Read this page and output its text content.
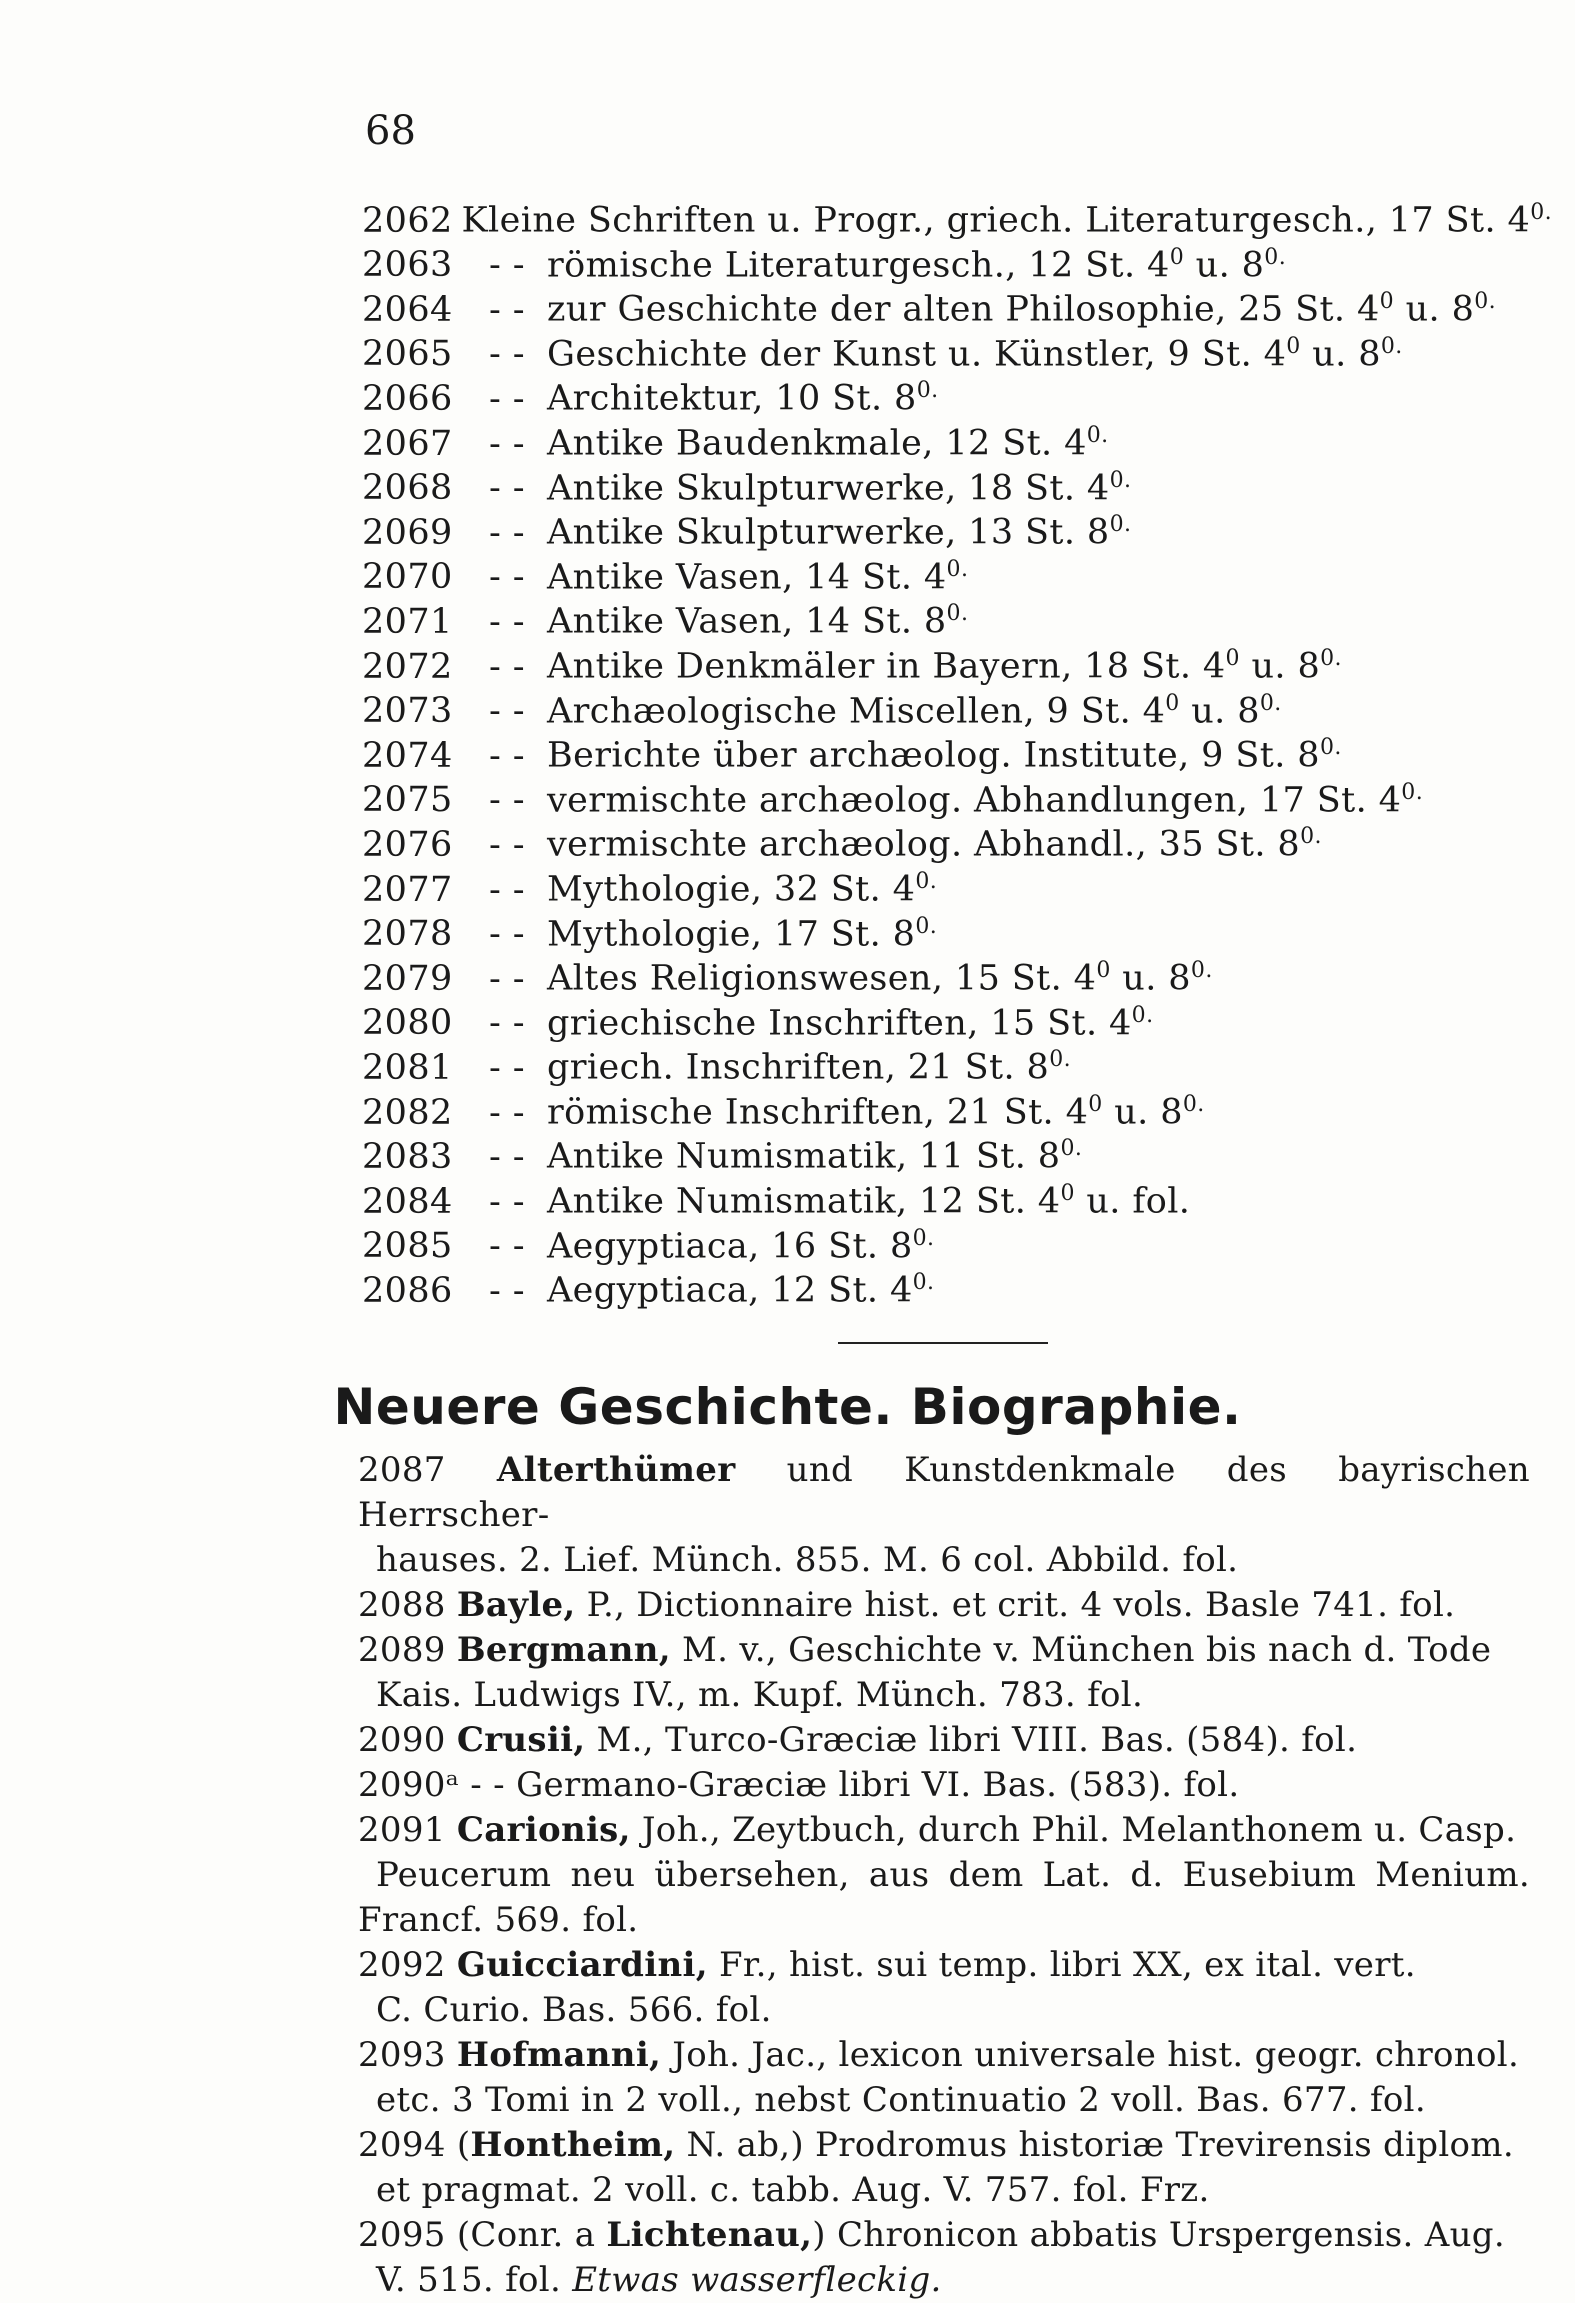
68
2062 Kleine Schriften u. Progr., griech. Literaturgesch., 17 St. $4^{0.}$
2063	- - römische Literaturgesch., 12 St. $4^0$ u. $8^{0.}$
2064	- - zur Geschichte der alten Philosophie, 25 St. $4^0$ u. $8^{0.}$
2065	- - Geschichte der Kunst u. Künstler, 9 St. $4^0$ u. $8^{0.}$
2066	- - Architektur, 10 St. $8^{0.}$
2067	- - Antike Baudenkmale, 12 St. $4^{0.}$
2068	- - Antike Skulpturwerke, 18 St. $4^{0.}$
2069	- - Antike Skulpturwerke, 13 St. $8^{0.}$
2070	- - Antike Vasen, 14 St. $4^{0.}$
2071	- - Antike Vasen, 14 St. $8^{0.}$
2072	- - Antike Denkmäler in Bayern, 18 St. $4^0$ u. $8^{0.}$
2073	- - Archæologische Miscellen, 9 St. $4^0$ u. $8^{0.}$
2074	- - Berichte über archæolog. Institute, 9 St. $8^{0.}$
2075	- - vermischte archæolog. Abhandlungen, 17 St. $4^{0.}$
2076	- - vermischte archæolog. Abhandl., 35 St. $8^{0.}$
2077	- - Mythologie, 32 St. $4^{0.}$
2078	- - Mythologie, 17 St. $8^{0.}$
2079	- - Altes Religionswesen, 15 St. $4^0$ u. $8^{0.}$
2080	- - griechische Inschriften, 15 St. $4^{0.}$
2081	- - griech. Inschriften, 21 St. $8^{0.}$
2082	- - römische Inschriften, 21 St. $4^0$ u. $8^{0.}$
2083	- - Antike Numismatik, 11 St. $8^{0.}$
2084	- - Antike Numismatik, 12 St. $4^0$ u. fol.
2085	- - Aegyptiaca, 16 St. $8^{0.}$
2086	- - Aegyptiaca, 12 St. $4^{0.}$
Neuere Geschichte. Biographie.

2087 Alterthümer und Kunstdenkmale des bayrischen Herrscher-
hauses. 2. Lief. Münch. 855. M. 6 col. Abbild. fol.

2088 Bayle, P., Dictionnaire hist. et crit. 4 vols. Basle 741. fol.

2089 Bergmann, M. v., Geschichte v. München bis nach d. Tode
Kais. Ludwigs IV., m. Kupf. Münch. 783. fol.

2090 Crusii, M., Turco-Græciæ libri VIII. Bas. (584). fol.

2090ᵃ - - Germano-Græciæ libri VI. Bas. (583). fol.

2091 Carionis, Joh., Zeytbuch, durch Phil. Melanthonem u. Casp.
Peucerum neu übersehen, aus dem Lat. d. Eusebium Menium. Francf. 569. fol.

2092 Guicciardini, Fr., hist. sui temp. libri XX, ex ital. vert.
C. Curio. Bas. 566. fol.

2093 Hofmanni, Joh. Jac., lexicon universale hist. geogr. chronol.
etc. 3 Tomi in 2 voll., nebst Continuatio 2 voll. Bas. 677. fol.

2094 (Hontheim, N. ab,) Prodromus historiæ Trevirensis diplom.
et pragmat. 2 voll. c. tabb. Aug. V. 757. fol. Frz.

2095 (Conr. a Lichtenau,) Chronicon abbatis Urspergensis. Aug.
V. 515. fol. Etwas wasserfleckig.
